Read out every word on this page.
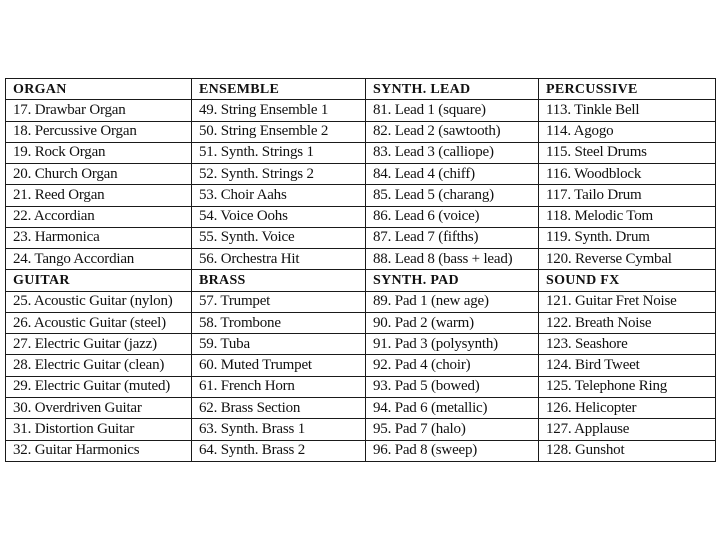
ORGAN	ENSEMBLE	SYNTH. LEAD	PERCUSSIVE
17. Drawbar Organ	49. String Ensemble 1	81. Lead 1 (square)	113. Tinkle Bell
18. Percussive Organ	50. String Ensemble 2	82. Lead 2 (sawtooth)	114. Agogo
19. Rock Organ	51. Synth. Strings 1	83. Lead 3 (calliope)	115. Steel Drums
20. Church Organ	52. Synth. Strings 2	84. Lead 4 (chiff)	116. Woodblock
21. Reed Organ	53. Choir Aahs	85. Lead 5 (charang)	117. Tailo Drum
22. Accordian	54. Voice Oohs	86. Lead 6 (voice)	118. Melodic Tom
23. Harmonica	55. Synth. Voice	87. Lead 7 (fifths)	119. Synth. Drum
24. Tango Accordian	56. Orchestra Hit	88. Lead 8 (bass + lead)	120. Reverse Cymbal
GUITAR	BRASS	SYNTH. PAD	SOUND FX
25. Acoustic Guitar (nylon)	57. Trumpet	89. Pad 1 (new age)	121. Guitar Fret Noise
26. Acoustic Guitar (steel)	58. Trombone	90. Pad 2 (warm)	122. Breath Noise
27. Electric Guitar (jazz)	59. Tuba	91. Pad 3 (polysynth)	123. Seashore
28. Electric Guitar (clean)	60. Muted Trumpet	92. Pad 4 (choir)	124. Bird Tweet
29. Electric Guitar (muted)	61. French Horn	93. Pad 5 (bowed)	125. Telephone Ring
30. Overdriven Guitar	62. Brass Section	94. Pad 6 (metallic)	126. Helicopter
31. Distortion Guitar	63. Synth. Brass 1	95. Pad 7 (halo)	127. Applause
32. Guitar Harmonics	64. Synth. Brass 2	96. Pad 8 (sweep)	128. Gunshot
